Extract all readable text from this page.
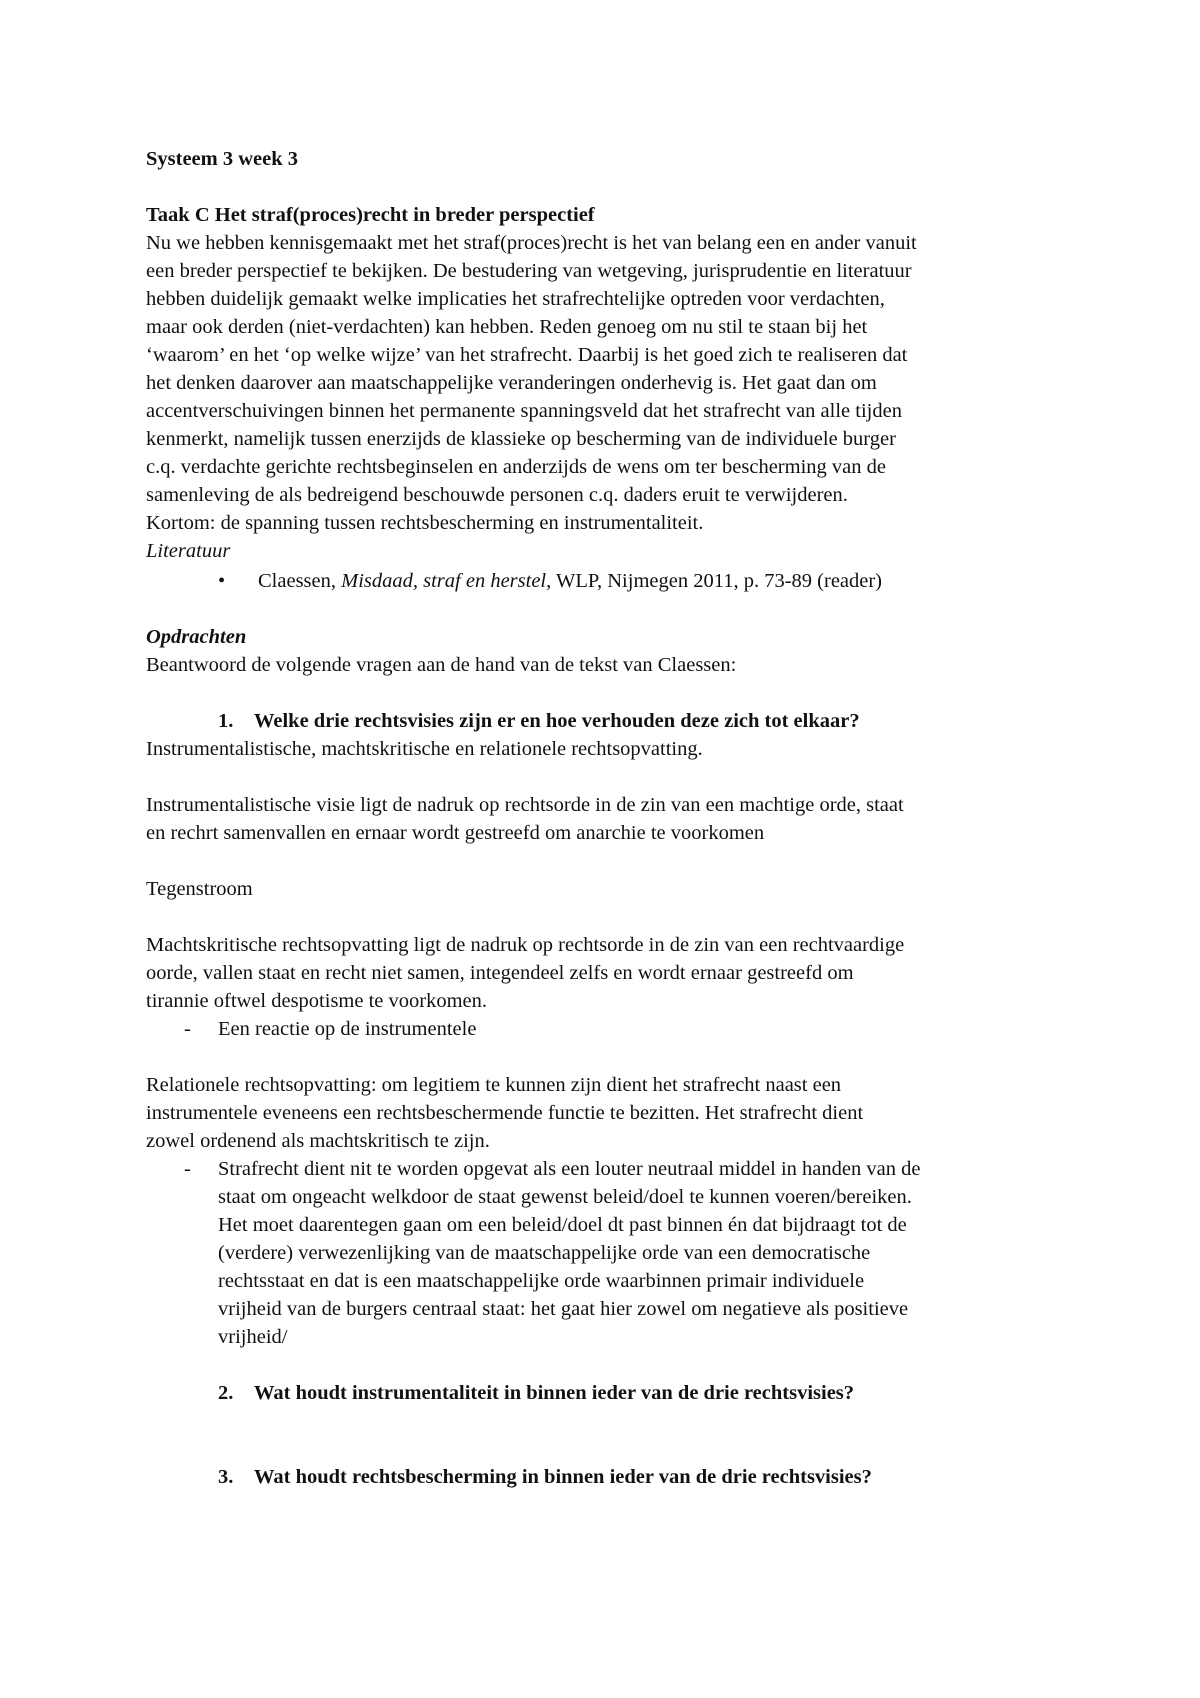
Systeem 3 week 3

Taak C Het straf(proces)recht in breder perspectief

Nu we hebben kennisgemaakt met het straf(proces)recht is het van belang een en ander vanuit
een breder perspectief te bekijken. De bestudering van wetgeving, jurisprudentie en literatuur
hebben duidelijk gemaakt welke implicaties het strafrechtelijke optreden voor verdachten,
maar ook derden (niet-verdachten) kan hebben. Reden genoeg om nu stil te staan bij het
‘waarom’ en het ‘op welke wijze’ van het strafrecht. Daarbij is het goed zich te realiseren dat
het denken daarover aan maatschappelijke veranderingen onderhevig is. Het gaat dan om
accentverschuivingen binnen het permanente spanningsveld dat het strafrecht van alle tijden
kenmerkt, namelijk tussen enerzijds de klassieke op bescherming van de individuele burger
c.q. verdachte gerichte rechtsbeginselen en anderzijds de wens om ter bescherming van de
samenleving de als bedreigend beschouwde personen c.q. daders eruit te verwijderen.
Kortom: de spanning tussen rechtsbescherming en instrumentaliteit.

Literatuur

• Claessen, Misdaad, straf en herstel, WLP, Nijmegen 2011, p. 73-89 (reader)

Opdrachten

Beantwoord de volgende vragen aan de hand van de tekst van Claessen:

1. Welke drie rechtsvisies zijn er en hoe verhouden deze zich tot elkaar?

Instrumentalistische, machtskritische en relationele rechtsopvatting.

Instrumentalistische visie ligt de nadruk op rechtsorde in de zin van een machtige orde, staat
en rechrt samenvallen en ernaar wordt gestreefd om anarchie te voorkomen

Tegenstroom

Machtskritische rechtsopvatting ligt de nadruk op rechtsorde in de zin van een rechtvaardige
oorde, vallen staat en recht niet samen, integendeel zelfs en wordt ernaar gestreefd om
tirannie oftwel despotisme te voorkomen.
- Een reactie op de instrumentele
Relationele rechtsopvatting: om legitiem te kunnen zijn dient het strafrecht naast een
instrumentele eveneens een rechtsbeschermende functie te bezitten. Het strafrecht dient
zowel ordenend als machtskritisch te zijn.
- Strafrecht dient nit te worden opgevat als een louter neutraal middel in handen van de
staat om ongeacht welkdoor de staat gewenst beleid/doel te kunnen voeren/bereiken.
Het moet daarentegen gaan om een beleid/doel dt past binnen én dat bijdraagt tot de
(verdere) verwezenlijking van de maatschappelijke orde van een democratische
rechtsstaat en dat is een maatschappelijke orde waarbinnen primair individuele
vrijheid van de burgers centraal staat: het gaat hier zowel om negatieve als positieve
vrijheid/
2. Wat houdt instrumentaliteit in binnen ieder van de drie rechtsvisies?
3. Wat houdt rechtsbescherming in binnen ieder van de drie rechtsvisies?
